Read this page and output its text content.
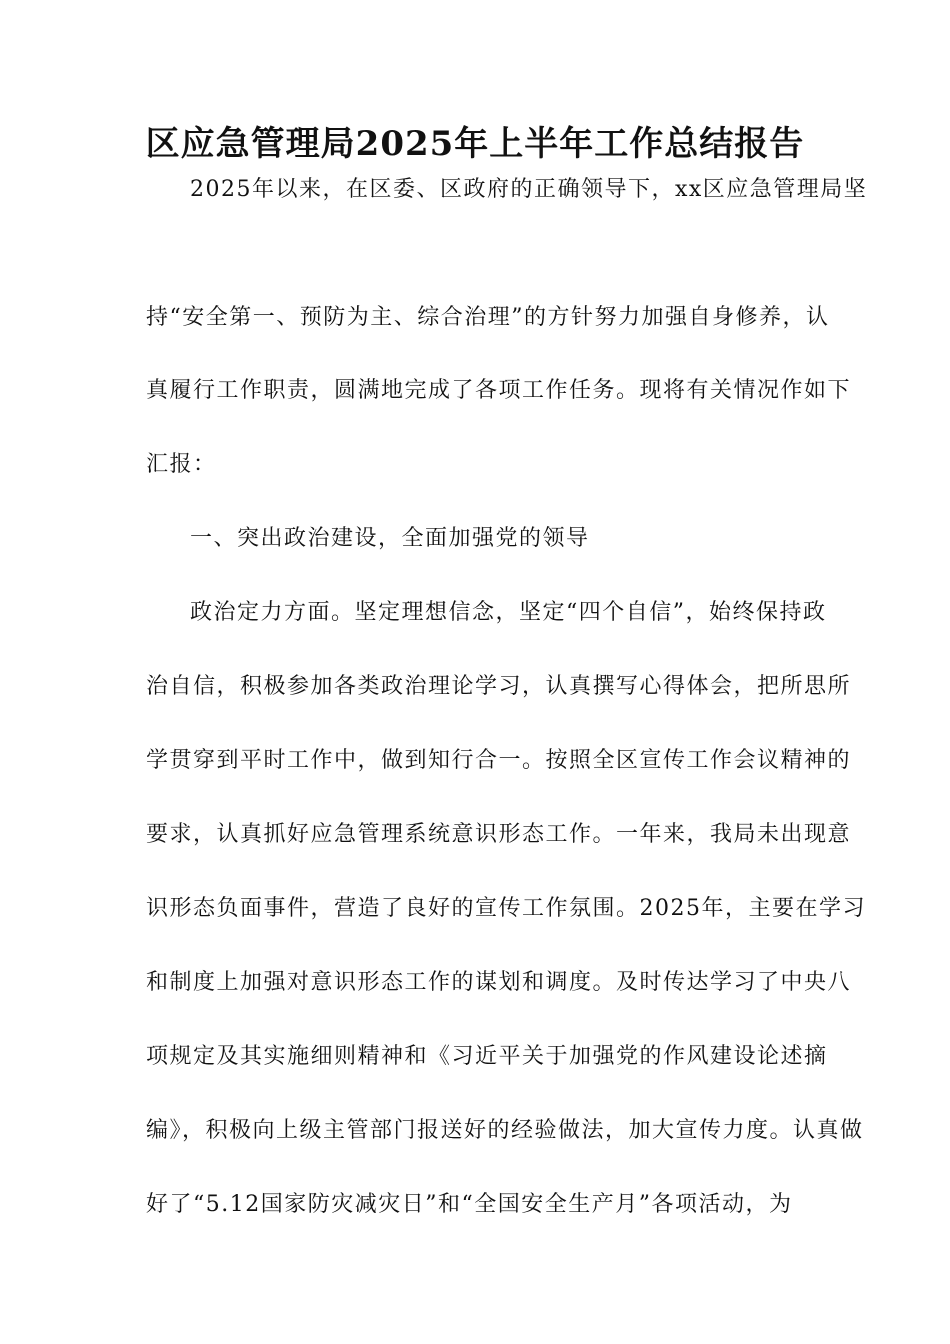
区应急管理局2025年上半年工作总结报告
2025年以来，在区委、区政府的正确领导下，xx区应急管理局坚
持“安全第一、预防为主、综合治理”的方针努力加强自身修养，认
真履行工作职责，圆满地完成了各项工作任务。现将有关情况作如下
汇报：
一、突出政治建设，全面加强党的领导
政治定力方面。坚定理想信念，坚定“四个自信”，始终保持政
治自信，积极参加各类政治理论学习，认真撰写心得体会，把所思所
学贯穿到平时工作中，做到知行合一。按照全区宣传工作会议精神的
要求，认真抓好应急管理系统意识形态工作。一年来，我局未出现意
识形态负面事件，营造了良好的宣传工作氛围。2025年，主要在学习
和制度上加强对意识形态工作的谋划和调度。及时传达学习了中央八
项规定及其实施细则精神和《习近平关于加强党的作风建设论述摘
编》，积极向上级主管部门报送好的经验做法，加大宣传力度。认真做
好了“5.12国家防灾减灾日”和“全国安全生产月”各项活动，为
